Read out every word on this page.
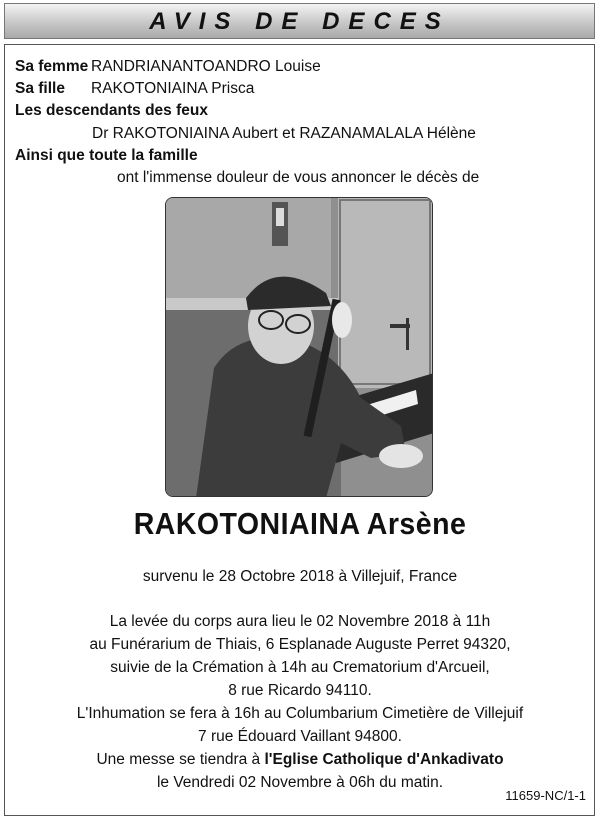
AVIS DE DECES
Sa femme RANDRIANANTOANDRO Louise
Sa fille RAKOTONIAINA Prisca
Les descendants des feux
Dr RAKOTONIAINA Aubert et RAZANAMALALA Hélène
Ainsi que toute la famille
ont l'immense douleur de vous annoncer le décès de
RAKOTONIAINA Arsène
survenu le 28 Octobre 2018 à Villejuif, France
La levée du corps aura lieu le 02 Novembre 2018 à 11h
au Funérarium de Thiais, 6 Esplanade Auguste Perret 94320,
suivie de la Crémation à 14h au Crematorium d'Arcueil,
8 rue Ricardo 94110.
L'Inhumation se fera à 16h au Columbarium Cimetière de Villejuif
7 rue Édouard Vaillant 94800.
Une messe se tiendra à l'Eglise Catholique d'Ankadivato
le Vendredi 02 Novembre à 06h du matin.
11659-NC/1-1
